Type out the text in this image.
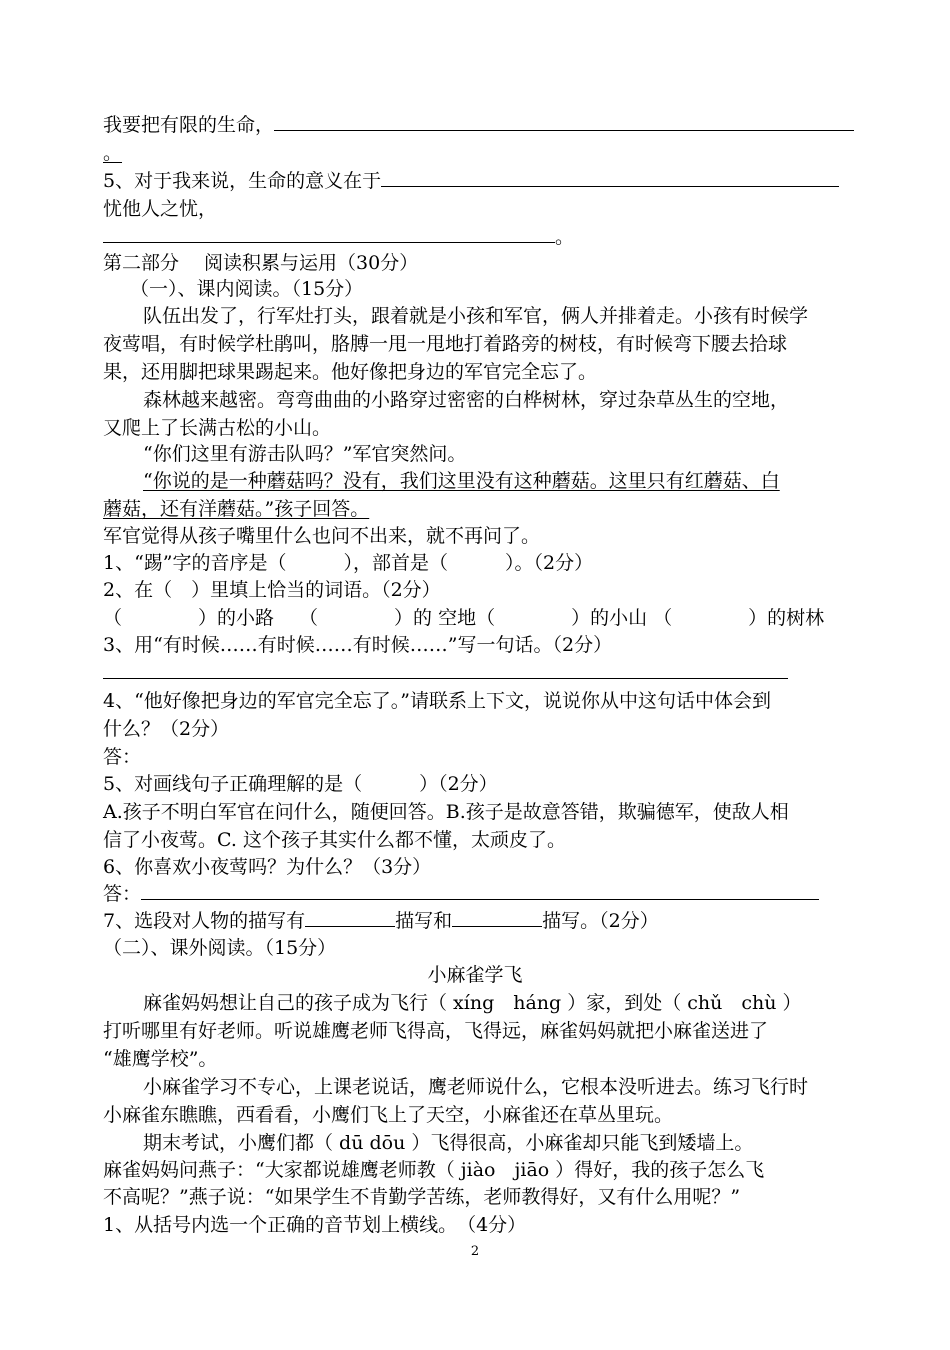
我要把有限的生命，
。
5、对于我来说，生命的意义在于
忧他人之忧，
。
第二部分　 阅读积累与运用（30分）
（一）、课内阅读。（15分）
队伍出发了，行军灶打头，跟着就是小孩和军官，俩人并排着走。小孩有时候学
夜莺唱，有时候学杜鹃叫，胳膊一甩一甩地打着路旁的树枝，有时候弯下腰去拾球
果，还用脚把球果踢起来。他好像把身边的军官完全忘了。
森林越来越密。弯弯曲曲的小路穿过密密的白桦树林，穿过杂草丛生的空地，
又爬上了长满古松的小山。
“你们这里有游击队吗？”军官突然问。
“你说的是一种蘑菇吗？没有，我们这里没有这种蘑菇。这里只有红蘑菇、白
蘑菇，还有洋蘑菇。”孩子回答。
军官觉得从孩子嘴里什么也问不出来，就不再问了。
1、“踢”字的音序是（　　　），部首是（　　　）。（2分）
2、在（　）里填上恰当的词语。（2分）
（　　　　）的小路　 （　　　　）的 空地（　　　　）的小山 （　　　　）的树林
3、用“有时候……有时候……有时候……”写一句话。（2分）
4、“他好像把身边的军官完全忘了。”请联系上下文，说说你从中这句话中体会到
什么？（2分）
答：
5、对画线句子正确理解的是（　　　）（2分）
A.孩子不明白军官在问什么，随便回答。B.孩子是故意答错，欺骗德军，使敌人相
信了小夜莺。C. 这个孩子其实什么都不懂，太顽皮了。
6、你喜欢小夜莺吗？为什么？（3分）
答：
7、选段对人物的描写有	描写和	描写。（2分）
（二）、课外阅读。（15分）
小麻雀学飞
麻雀妈妈想让自己的孩子成为飞行（ xíng　háng ）家，到处（ chǔ　chù ）
打听哪里有好老师。听说雄鹰老师飞得高，飞得远，麻雀妈妈就把小麻雀送进了
“雄鹰学校”。
小麻雀学习不专心，上课老说话，鹰老师说什么，它根本没听进去。练习飞行时
小麻雀东瞧瞧，西看看，小鹰们飞上了天空，小麻雀还在草丛里玩。
期末考试，小鹰们都（ dū dōu ）飞得很高，小麻雀却只能飞到矮墙上。
麻雀妈妈问燕子：“大家都说雄鹰老师教（ jiào　jiāo ）得好，我的孩子怎么飞
不高呢？”燕子说：“如果学生不肯勤学苦练，老师教得好，又有什么用呢？”
1、从括号内选一个正确的音节划上横线。　（4分）
2
